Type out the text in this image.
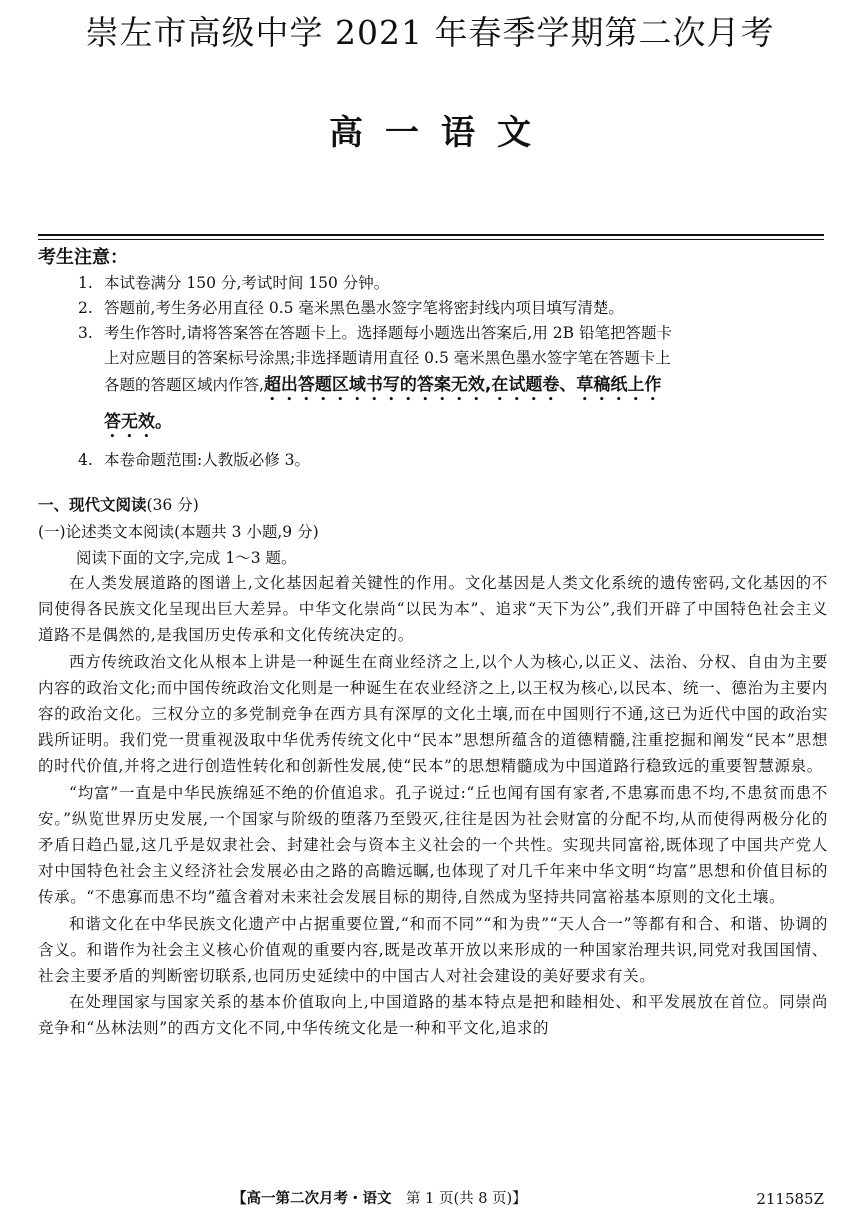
崇左市高级中学 2021 年春季学期第二次月考
高一语文
考生注意：
1. 本试卷满分 150 分,考试时间 150 分钟。
2. 答题前,考生务必用直径 0.5 毫米黑色墨水签字笔将密封线内项目填写清楚。
3. 考生作答时,请将答案答在答题卡上。选择题每小题选出答案后,用 2B 铅笔把答题卡
上对应题目的答案标号涂黑;非选择题请用直径 0.5 毫米黑色墨水签字笔在答题卡上
各题的答题区域内作答,超出答题区域书写的答案无效,在试题卷、草稿纸上作
答无效。
4. 本卷命题范围:人教版必修 3。
一、现代文阅读(36 分)
(一)论述类文本阅读(本题共 3 小题,9 分)
阅读下面的文字,完成 1～3 题。

在人类发展道路的图谱上,文化基因起着关键性的作用。文化基因是人类文化系统的遗传密码,文化基因的不同使得各民族文化呈现出巨大差异。中华文化崇尚“以民为本”、追求“天下为公”,我们开辟了中国特色社会主义道路不是偶然的,是我国历史传承和文化传统决定的。

西方传统政治文化从根本上讲是一种诞生在商业经济之上,以个人为核心,以正义、法治、分权、自由为主要内容的政治文化;而中国传统政治文化则是一种诞生在农业经济之上,以王权为核心,以民本、统一、德治为主要内容的政治文化。三权分立的多党制竞争在西方具有深厚的文化土壤,而在中国则行不通,这已为近代中国的政治实践所证明。我们党一贯重视汲取中华优秀传统文化中“民本”思想所蕴含的道德精髓,注重挖掘和阐发“民本”思想的时代价值,并将之进行创造性转化和创新性发展,使“民本”的思想精髓成为中国道路行稳致远的重要智慧源泉。

“均富”一直是中华民族绵延不绝的价值追求。孔子说过:“丘也闻有国有家者,不患寡而患不均,不患贫而患不安。”纵览世界历史发展,一个国家与阶级的堕落乃至毁灭,往往是因为社会财富的分配不均,从而使得两极分化的矛盾日趋凸显,这几乎是奴隶社会、封建社会与资本主义社会的一个共性。实现共同富裕,既体现了中国共产党人对中国特色社会主义经济社会发展必由之路的高瞻远瞩,也体现了对几千年来中华文明“均富”思想和价值目标的传承。“不患寡而患不均”蕴含着对未来社会发展目标的期待,自然成为坚持共同富裕基本原则的文化土壤。

和谐文化在中华民族文化遗产中占据重要位置,“和而不同”“和为贵”“天人合一”等都有和合、和谐、协调的含义。和谐作为社会主义核心价值观的重要内容,既是改革开放以来形成的一种国家治理共识,同党对我国国情、社会主要矛盾的判断密切联系,也同历史延续中的中国古人对社会建设的美好要求有关。

在处理国家与国家关系的基本价值取向上,中国道路的基本特点是把和睦相处、和平发展放在首位。同崇尚竞争和“丛林法则”的西方文化不同,中华传统文化是一种和平文化,追求的

【高一第二次月考・语文　 第 1 页(共 8 页)】	211585Z
